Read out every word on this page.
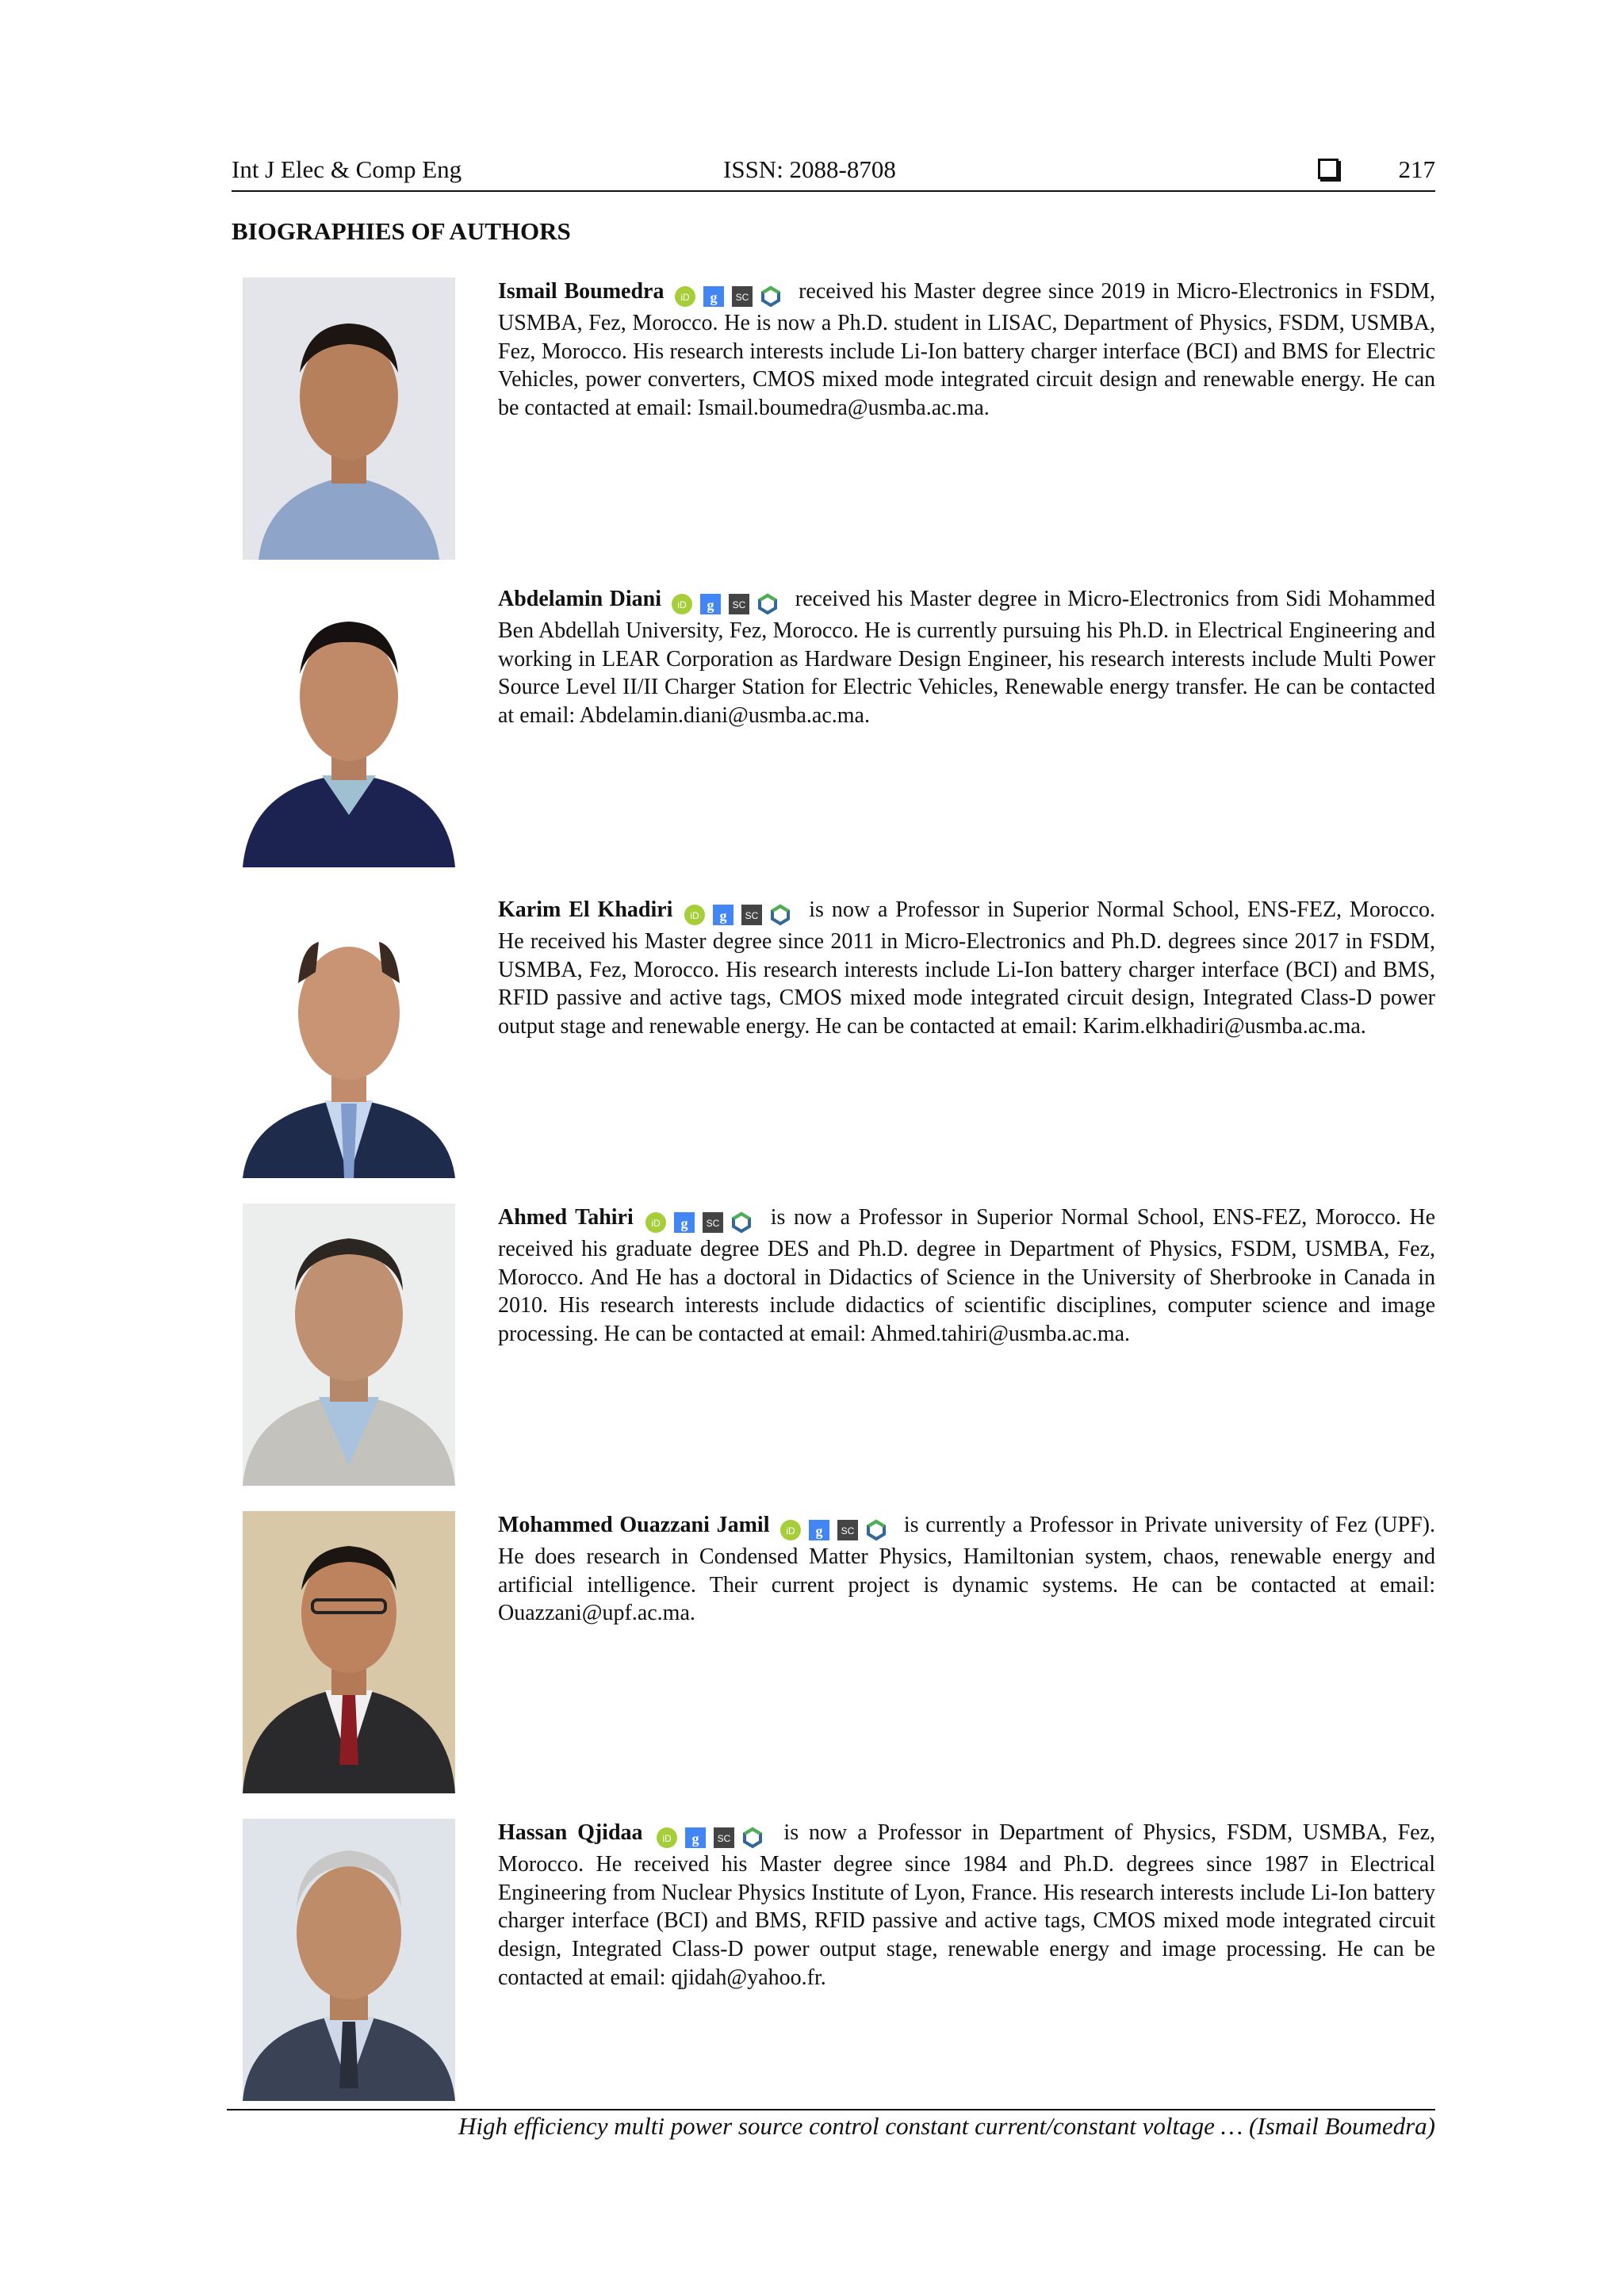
Int J Elec & Comp Eng	ISSN: 2088-8708	217
BIOGRAPHIES OF AUTHORS
Ismail Boumedra iD g SC received his Master degree since 2019 in Micro-Electronics in FSDM, USMBA, Fez, Morocco. He is now a Ph.D. student in LISAC, Department of Physics, FSDM, USMBA, Fez, Morocco. His research interests include Li-Ion battery charger interface (BCI) and BMS for Electric Vehicles, power converters, CMOS mixed mode integrated circuit design and renewable energy. He can be contacted at email: Ismail.boumedra@usmba.ac.ma.
Abdelamin Diani iD g SC received his Master degree in Micro-Electronics from Sidi Mohammed Ben Abdellah University, Fez, Morocco. He is currently pursuing his Ph.D. in Electrical Engineering and working in LEAR Corporation as Hardware Design Engineer, his research interests include Multi Power Source Level II/II Charger Station for Electric Vehicles, Renewable energy transfer. He can be contacted at email: Abdelamin.diani@usmba.ac.ma.
Karim El Khadiri iD g SC is now a Professor in Superior Normal School, ENS-FEZ, Morocco. He received his Master degree since 2011 in Micro-Electronics and Ph.D. degrees since 2017 in FSDM, USMBA, Fez, Morocco. His research interests include Li-Ion battery charger interface (BCI) and BMS, RFID passive and active tags, CMOS mixed mode integrated circuit design, Integrated Class-D power output stage and renewable energy. He can be contacted at email: Karim.elkhadiri@usmba.ac.ma.
Ahmed Tahiri iD g SC is now a Professor in Superior Normal School, ENS-FEZ, Morocco. He received his graduate degree DES and Ph.D. degree in Department of Physics, FSDM, USMBA, Fez, Morocco. And He has a doctoral in Didactics of Science in the University of Sherbrooke in Canada in 2010. His research interests include didactics of scientific disciplines, computer science and image processing. He can be contacted at email: Ahmed.tahiri@usmba.ac.ma.
Mohammed Ouazzani Jamil iD g SC is currently a Professor in Private university of Fez (UPF). He does research in Condensed Matter Physics, Hamiltonian system, chaos, renewable energy and artificial intelligence. Their current project is dynamic systems. He can be contacted at email: Ouazzani@upf.ac.ma.
Hassan Qjidaa iD g SC is now a Professor in Department of Physics, FSDM, USMBA, Fez, Morocco. He received his Master degree since 1984 and Ph.D. degrees since 1987 in Electrical Engineering from Nuclear Physics Institute of Lyon, France. His research interests include Li-Ion battery charger interface (BCI) and BMS, RFID passive and active tags, CMOS mixed mode integrated circuit design, Integrated Class-D power output stage, renewable energy and image processing. He can be contacted at email: qjidah@yahoo.fr.
High efficiency multi power source control constant current/constant voltage … (Ismail Boumedra)
